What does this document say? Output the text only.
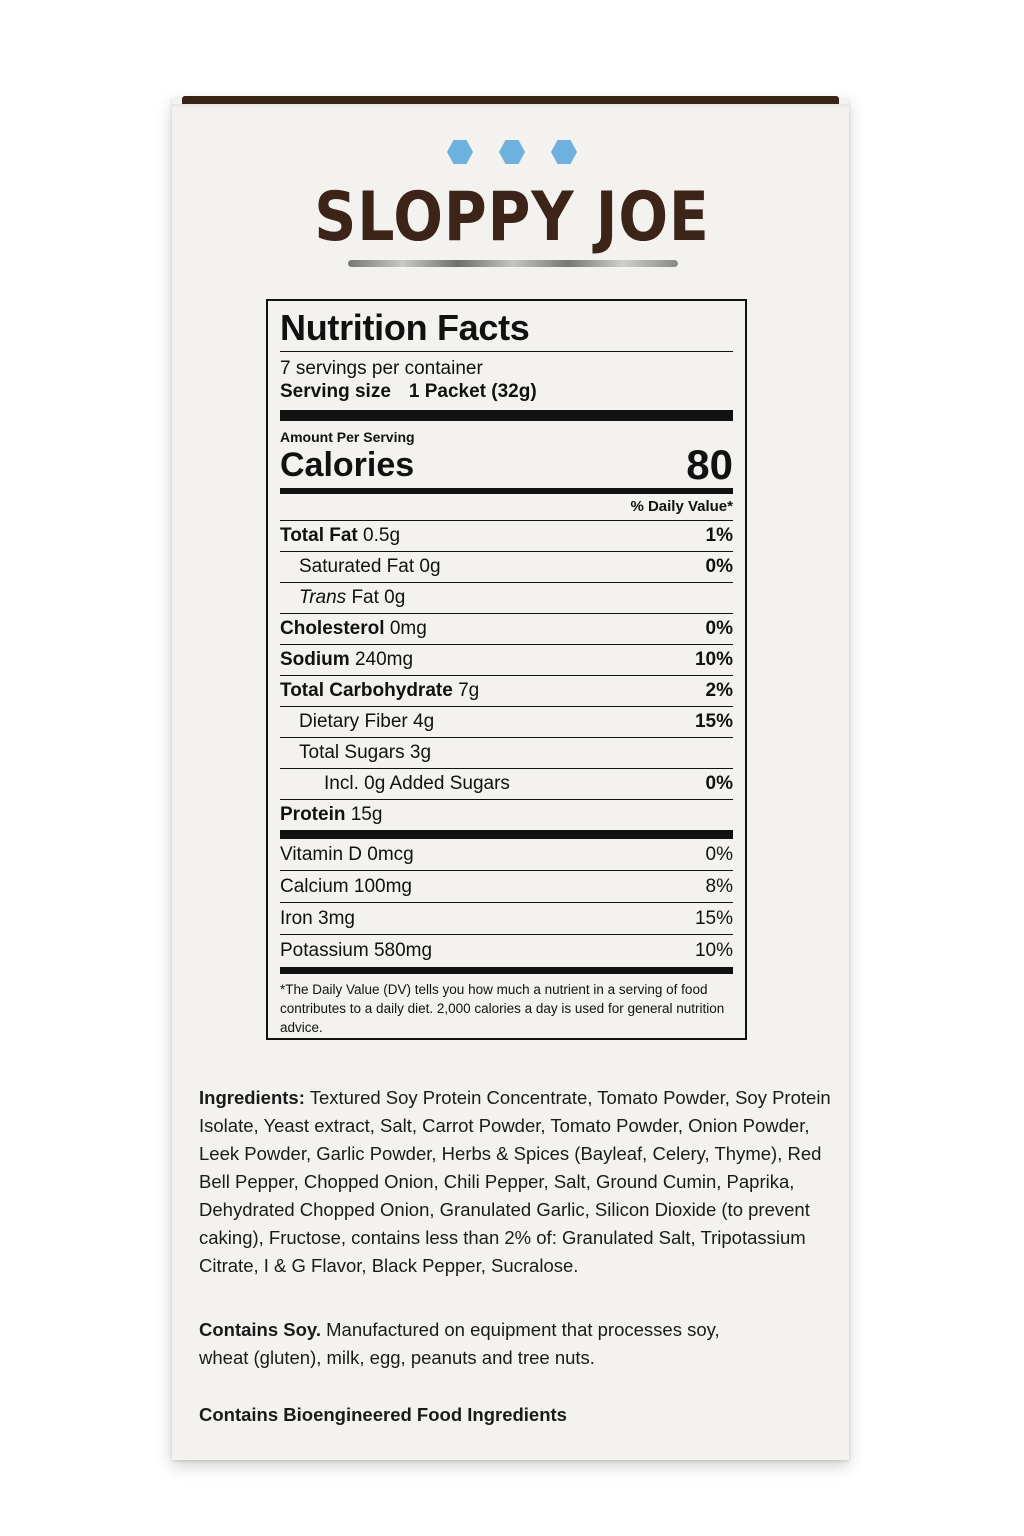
SLOPPY JOE
Nutrition Facts
7 servings per container
Serving size 1 Packet (32g)
Amount Per Serving
Calories	80
% Daily Value*
Total Fat 0.5g	1%
Saturated Fat 0g	0%
Trans Fat 0g
Cholesterol 0mg	0%
Sodium 240mg	10%
Total Carbohydrate 7g	2%
Dietary Fiber 4g	15%
Total Sugars 3g
Incl. 0g Added Sugars	0%
Protein 15g
Vitamin D 0mcg	0%
Calcium 100mg	8%
Iron 3mg	15%
Potassium 580mg	10%
*The Daily Value (DV) tells you how much a nutrient in a serving of food contributes to a daily diet. 2,000 calories a day is used for general nutrition advice.
Ingredients: Textured Soy Protein Concentrate, Tomato Powder, Soy Protein Isolate, Yeast extract, Salt, Carrot Powder, Tomato Powder, Onion Powder, Leek Powder, Garlic Powder, Herbs & Spices (Bayleaf, Celery, Thyme), Red Bell Pepper, Chopped Onion, Chili Pepper, Salt, Ground Cumin, Paprika, Dehydrated Chopped Onion, Granulated Garlic, Silicon Dioxide (to prevent caking), Fructose, contains less than 2% of: Granulated Salt, Tripotassium Citrate, I & G Flavor, Black Pepper, Sucralose.
Contains Soy. Manufactured on equipment that processes soy, wheat (gluten), milk, egg, peanuts and tree nuts.
Contains Bioengineered Food Ingredients
